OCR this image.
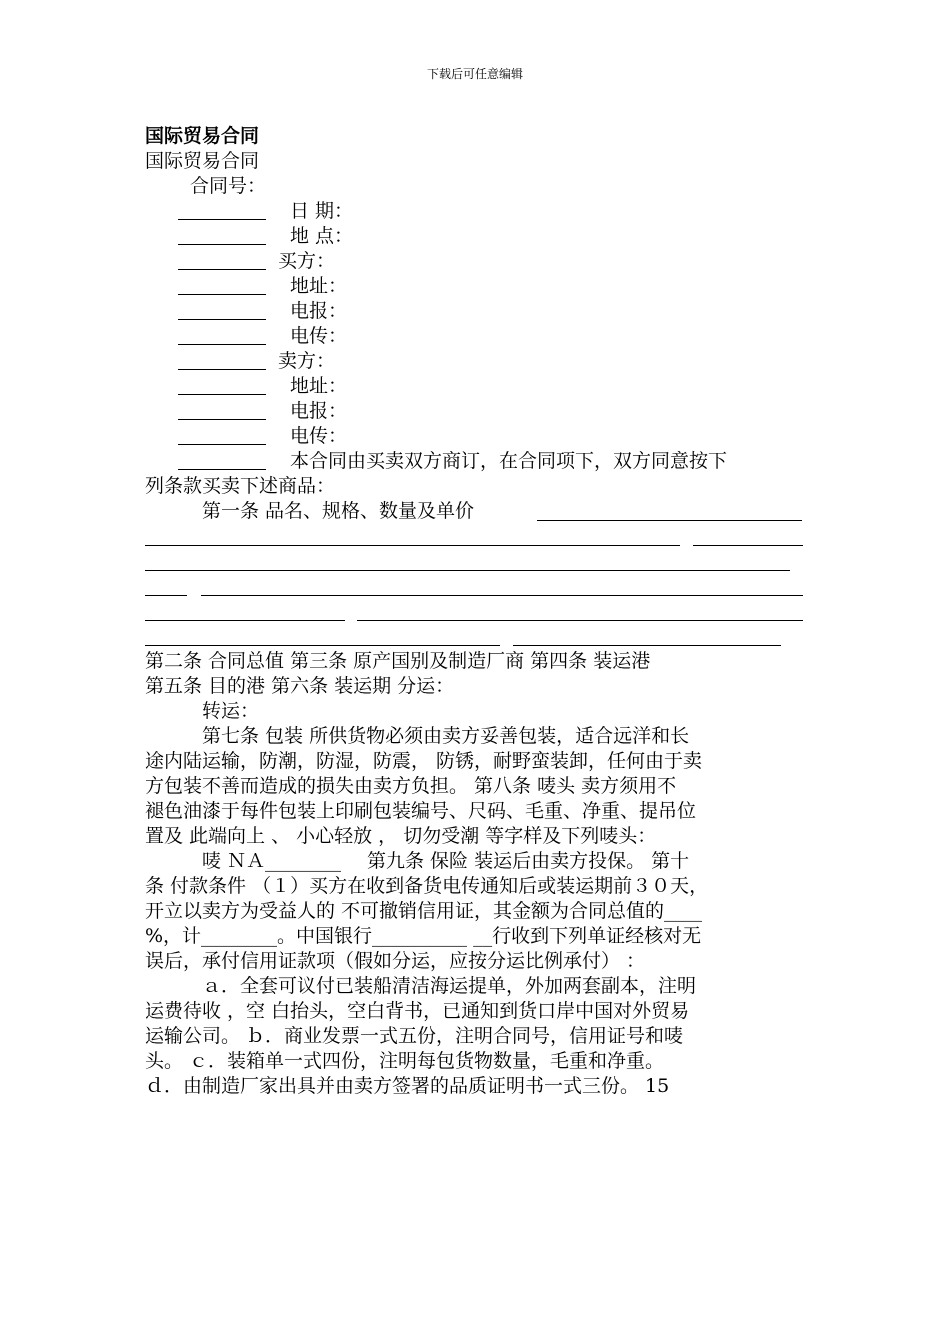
下载后可任意编辑
国际贸易合同
国际贸易合同
合同号：
日 期：
地 点：
买方：
地址：
电报：
电传：
卖方：
地址：
电报：
电传：
本合同由买卖双方商订，在合同项下，双方同意按下
列条款买卖下述商品：
第一条 品名、规格、数量及单价
第二条 合同总值 第三条 原产国别及制造厂商 第四条 装运港
第五条 目的港 第六条 装运期 分运：
转运：
第七条 包装 所供货物必须由卖方妥善包装，适合远洋和长
途内陆运输，防潮，防湿，防震， 防锈，耐野蛮装卸，任何由于卖
方包装不善而造成的损失由卖方负担。 第八条 唛头 卖方须用不
褪色油漆于每件包装上印刷包装编号、尺码、毛重、净重、提吊位
置及 此端向上 、 小心轻放 ， 切勿受潮 等字样及下列唛头：
唛 ＮＡ________ 第九条 保险 装运后由卖方投保。 第十
条 付款条件 （１）买方在收到备货电传通知后或装运期前３０天，
开立以卖方为受益人的 不可撤销信用证，其金额为合同总值的____
%，计________。中国银行__________ __行收到下列单证经核对无
误后，承付信用证款项（假如分运，应按分运比例承付） ：
ａ．全套可议付已装船清洁海运提单，外加两套副本，注明
运费待收 ，空 白抬头，空白背书，已通知到货口岸中国对外贸易
运输公司。 ｂ．商业发票一式五份，注明合同号，信用证号和唛
头。 ｃ．装箱单一式四份，注明每包货物数量，毛重和净重。
ｄ．由制造厂家出具并由卖方签署的品质证明书一式三份。 15
